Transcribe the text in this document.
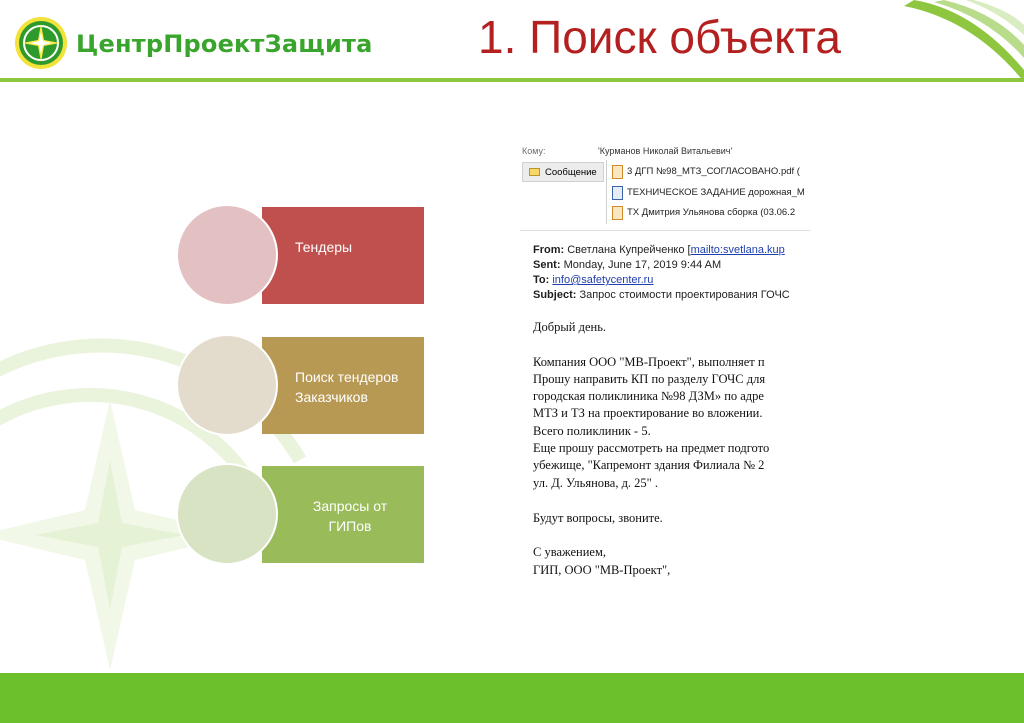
ЦентрПроектЗащита 1. Поиск объекта
Тендеры
Поиск тендеров Заказчиков
Запросы от ГИПов
Кому:	'Курманов Николай Витальевич'
Сообщение	3 ДГП №98_МТЗ_СОГЛАСОВАНО.pdf (
ТЕХНИЧЕСКОЕ ЗАДАНИЕ дорожная_М
ТХ Дмитрия Ульянова сборка (03.06.2
From: Светлана Купрейченко [mailto:svetlana.kup
Sent: Monday, June 17, 2019 9:44 AM
To: info@safetycenter.ru
Subject: Запрос стоимости проектирования ГОЧС
Добрый день.
Компания ООО "МВ-Проект", выполняет п
Прошу направить КП по разделу ГОЧС для
городская поликлиника №98 ДЗМ» по адре
МТЗ и ТЗ на проектирование во вложении.
Всего поликлиник - 5.
Еще прошу рассмотреть на предмет подгото
убежище, "Капремонт здания Филиала № 2
ул. Д. Ульянова, д. 25" .
Будут вопросы, звоните.
С уважением,
ГИП, ООО "МВ-Проект",
